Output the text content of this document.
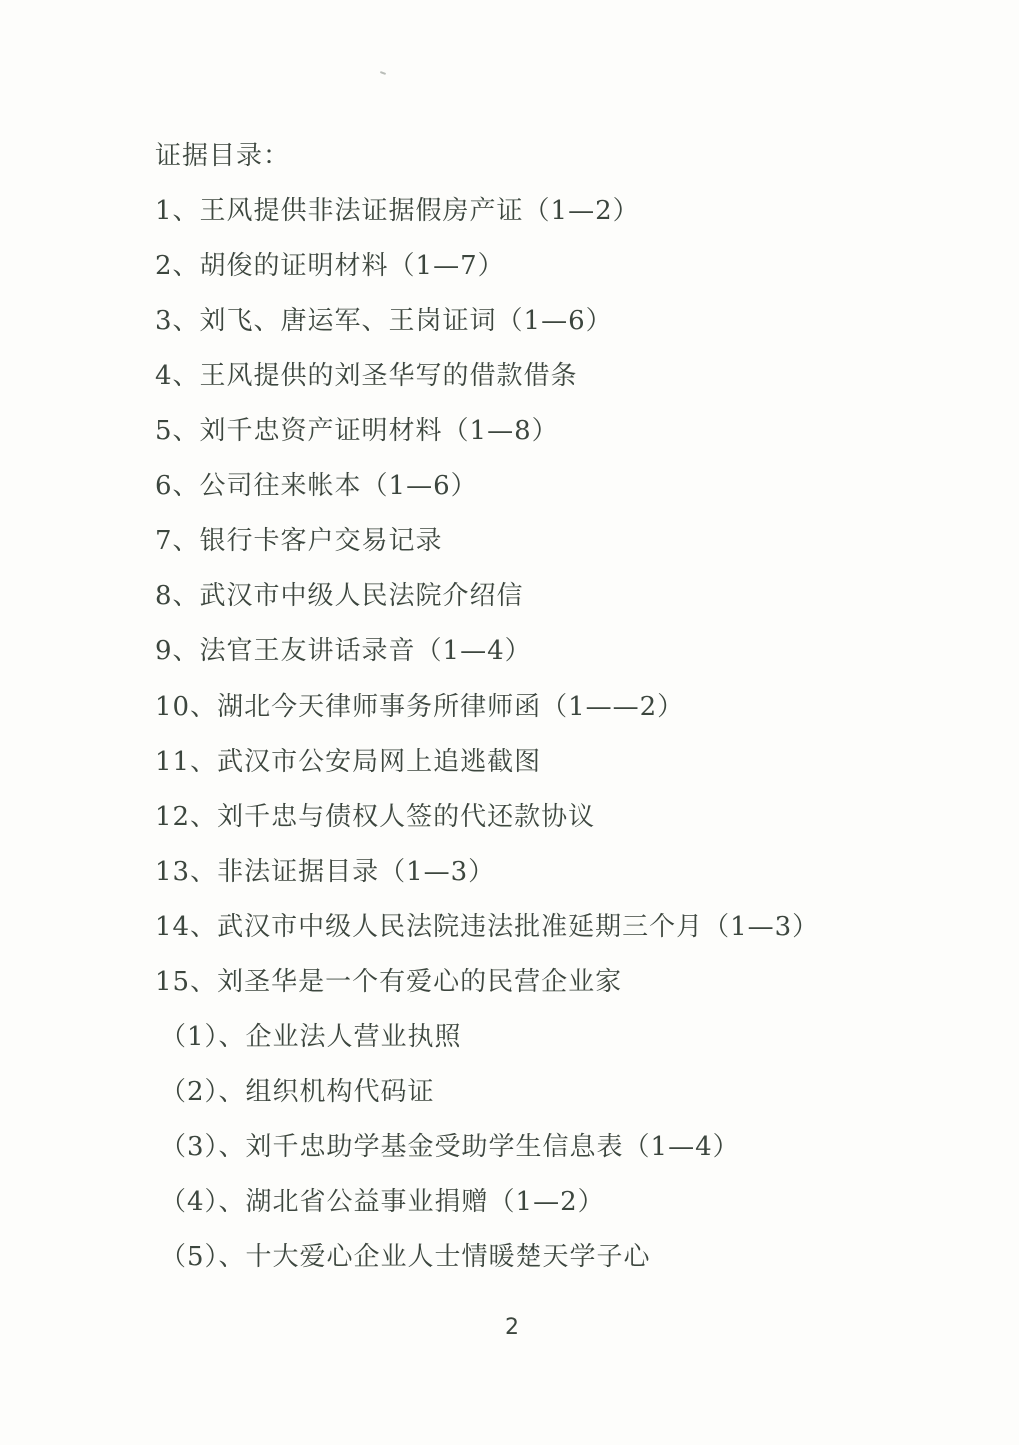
证据目录：
1、王风提供非法证据假房产证（1—2）
2、胡俊的证明材料（1—7）
3、刘飞、唐运军、王岗证词（1—6）
4、王风提供的刘圣华写的借款借条
5、刘千忠资产证明材料（1—8）
6、公司往来帐本（1—6）
7、银行卡客户交易记录
8、武汉市中级人民法院介绍信
9、法官王友讲话录音（1—4）
10、湖北今天律师事务所律师函（1——2）
11、武汉市公安局网上追逃截图
12、刘千忠与债权人签的代还款协议
13、非法证据目录（1—3）
14、武汉市中级人民法院违法批准延期三个月（1—3）
15、刘圣华是一个有爱心的民营企业家
（1）、企业法人营业执照
（2）、组织机构代码证
（3）、刘千忠助学基金受助学生信息表（1—4）
（4）、湖北省公益事业捐赠（1—2）
（5）、十大爱心企业人士情暖楚天学子心
2
